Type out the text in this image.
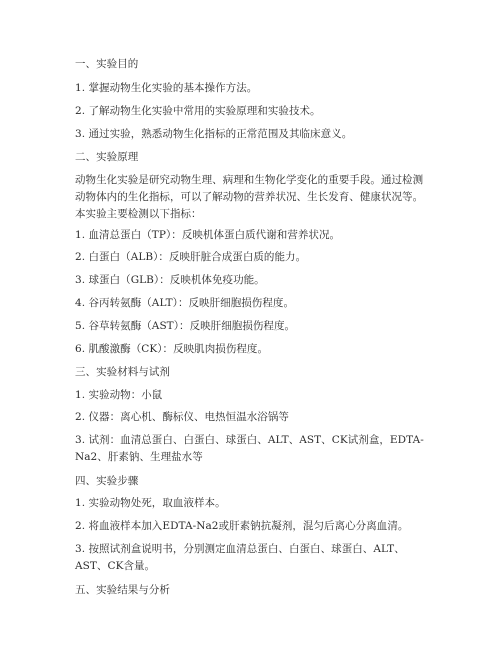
一、实验目的
1. 掌握动物生化实验的基本操作方法。
2. 了解动物生化实验中常用的实验原理和实验技术。
3. 通过实验，熟悉动物生化指标的正常范围及其临床意义。
二、实验原理
动物生化实验是研究动物生理、病理和生物化学变化的重要手段。通过检测动物体内的生化指标，可以了解动物的营养状况、生长发育、健康状况等。本实验主要检测以下指标：
1. 血清总蛋白（TP）：反映机体蛋白质代谢和营养状况。
2. 白蛋白（ALB）：反映肝脏合成蛋白质的能力。
3. 球蛋白（GLB）：反映机体免疫功能。
4. 谷丙转氨酶（ALT）：反映肝细胞损伤程度。
5. 谷草转氨酶（AST）：反映肝细胞损伤程度。
6. 肌酸激酶（CK）：反映肌肉损伤程度。
三、实验材料与试剂
1. 实验动物：小鼠
2. 仪器：离心机、酶标仪、电热恒温水浴锅等
3. 试剂：血清总蛋白、白蛋白、球蛋白、ALT、AST、CK试剂盒，EDTA-Na2、肝素钠、生理盐水等
四、实验步骤
1. 实验动物处死，取血液样本。
2. 将血液样本加入EDTA-Na2或肝素钠抗凝剂，混匀后离心分离血清。
3. 按照试剂盒说明书，分别测定血清总蛋白、白蛋白、球蛋白、ALT、AST、CK含量。
五、实验结果与分析
